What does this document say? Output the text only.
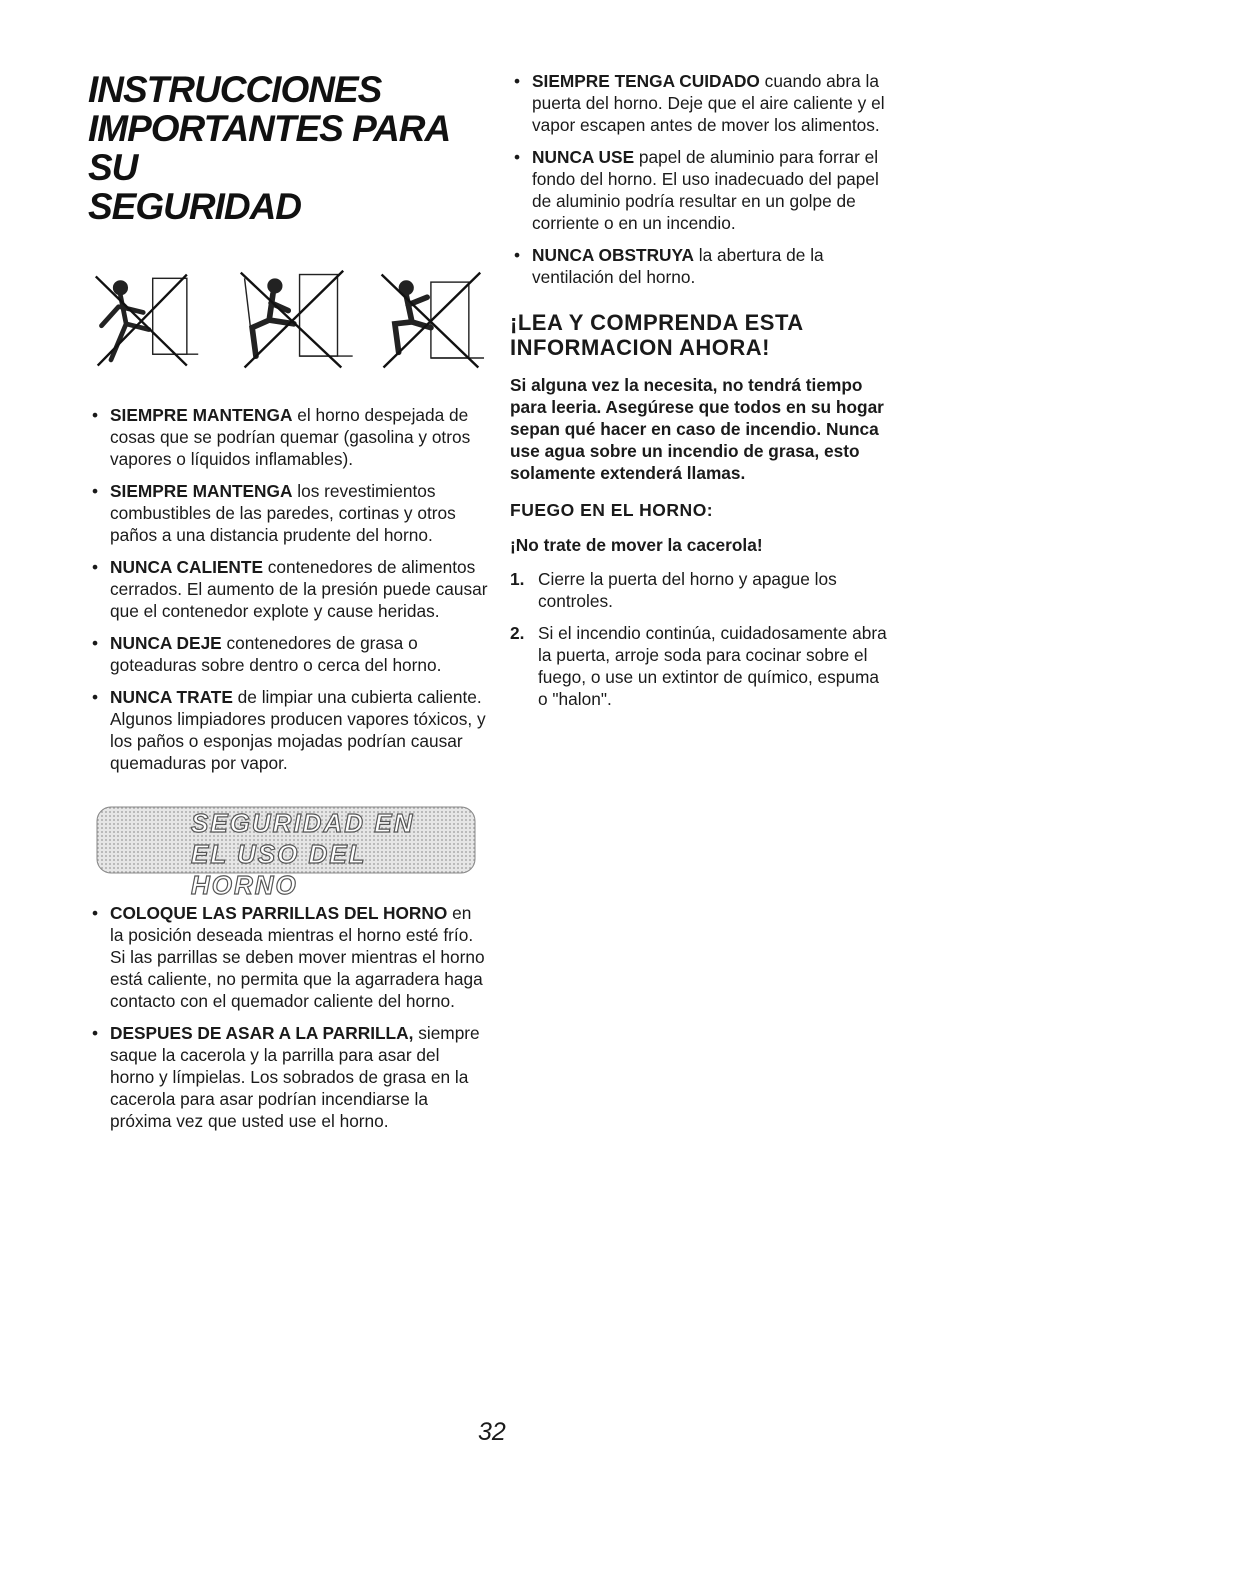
INSTRUCCIONES
IMPORTANTES PARA SU
SEGURIDAD
• SIEMPRE MANTENGA el horno despejada de cosas que se podrían quemar (gasolina y otros vapores o líquidos inflamables).
• SIEMPRE MANTENGA los revestimientos combustibles de las paredes, cortinas y otros paños a una distancia prudente del horno.
• NUNCA CALIENTE contenedores de alimentos cerrados. El aumento de la presión puede causar que el contenedor explote y cause heridas.
• NUNCA DEJE contenedores de grasa o goteaduras sobre dentro o cerca del horno.
• NUNCA TRATE de limpiar una cubierta caliente. Algunos limpiadores producen vapores tóxicos, y los paños o esponjas mojadas podrían causar quemaduras por vapor.
SEGURIDAD EN
EL USO DEL HORNO
• COLOQUE LAS PARRILLAS DEL HORNO en la posición deseada mientras el horno esté frío. Si las parrillas se deben mover mientras el horno está caliente, no permita que la agarradera haga contacto con el quemador caliente del horno.
• DESPUES DE ASAR A LA PARRILLA, siempre saque la cacerola y la parrilla para asar del horno y límpielas. Los sobrados de grasa en la cacerola para asar podrían incendiarse la próxima vez que usted use el horno.
• SIEMPRE TENGA CUIDADO cuando abra la puerta del horno. Deje que el aire caliente y el vapor escapen antes de mover los alimentos.
• NUNCA USE papel de aluminio para forrar el fondo del horno. El uso inadecuado del papel de aluminio podría resultar en un golpe de corriente o en un incendio.
• NUNCA OBSTRUYA la abertura de la ventilación del horno.
¡LEA Y COMPRENDA ESTA INFORMACION AHORA!

Si alguna vez la necesita, no tendrá tiempo para leeria. Asegúrese que todos en su hogar sepan qué hacer en caso de incendio. Nunca use agua sobre un incendio de grasa, esto solamente extenderá llamas.

FUEGO EN EL HORNO:

¡No trate de mover la cacerola!

1. Cierre la puerta del horno y apague los controles.
2. Si el incendio continúa, cuidadosamente abra la puerta, arroje soda para cocinar sobre el fuego, o use un extintor de químico, espuma o "halon".
32
